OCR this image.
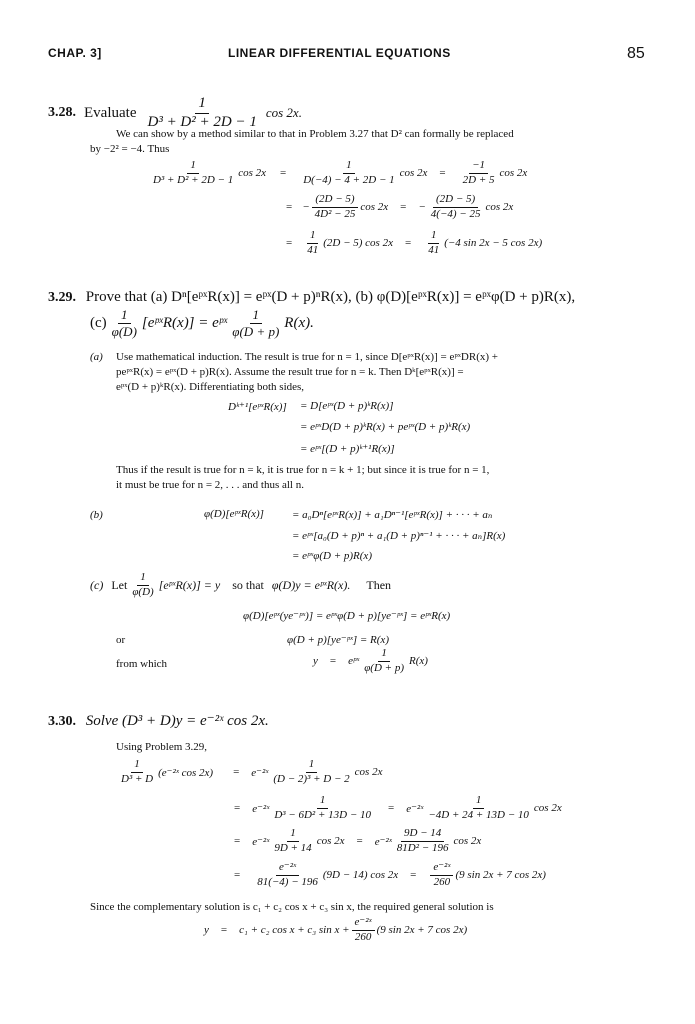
CHAP. 3]	LINEAR DIFFERENTIAL EQUATIONS	85
3.28. Evaluate $\frac{1}{\text{D³ + D² + 2D − 1}}$ cos 2x.
We can show by a method similar to that in Problem 3.27 that D² can formally be replaced
by −2² = −4. Thus
$\frac{1}{\text{D³ + D² + 2D − 1}}$ $\cos 2x = \frac{1}{D(-4) - 4 + 2D - 1}$ $\cos 2x = \frac{-1}{2D + 5}$ cos 2x
= − $\frac{(2D - 5)}{\text{4D² − 25}}$ cos 2x = − $\frac{(2D - 5)}{4(-4) - 25}$ cos 2x
= $\frac{1}{41} (2D - 5)$ $\cos 2x = \frac{1}{41} (-4$ sin 2x − 5 cos 2x)
3.29. Prove that (a) Dⁿ[eᵖˣR(x)] = eᵖˣ(D + p)ⁿR(x), (b) φ(D)[eᵖˣR(x)] = eᵖˣφ(D + p)R(x),
$(c) \frac{1}{\varphi(D)}$ [eᵖˣR(x)] = eᵖˣ $\frac{1}{\varphi(D + p)} R(x)$.
(a) Use mathematical induction. The result is true for n = 1, since D[eᵖˣR(x)] = eᵖˣDR(x) +
peᵖˣR(x) = eᵖˣ(D + p)R(x). Assume the result true for n = k. Then Dᵏ[eᵖˣR(x)] =
eᵖˣ(D + p)ᵏR(x). Differentiating both sides,
Dᵏ⁺¹[eᵖˣR(x)] = D[eᵖˣ(D + p)ᵏR(x)]
= eᵖˣD(D + p)ᵏR(x) + peᵖˣ(D + p)ᵏR(x)
= eᵖˣ[(D + p)ᵏ⁺¹R(x)]
Thus if the result is true for n = k, it is true for n = k + 1; but since it is true for n = 1,
it must be true for n = 2, . . . and thus all n.
(b)	φ(D)[eᵖˣR(x)]	= a₀Dⁿ[eᵖˣR(x)] + a₁Dⁿ⁻¹[eᵖˣR(x)] + · · · + aₙ
= eᵖˣ[a₀(D + p)ⁿ + a₁(D + p)ⁿ⁻¹ + · · · + aₙ]R(x)
= eᵖˣφ(D + p)R(x)
(c) Let $\frac{1}{\varphi(D)}$ [eᵖˣR(x)] = y so that φ(D)y = eᵖˣR(x). Then
φ(D)[eᵖˣ(ye⁻ᵖˣ)] = eᵖˣφ(D + p)[ye⁻ᵖˣ] = eᵖˣR(x)
or	φ(D + p)[ye⁻ᵖˣ] = R(x)
from which	y = eᵖˣ $\frac{1}{\varphi(D + p)} R(x)$
3.30. Solve (D³ + D)y = e⁻²ˣ cos 2x.
Using Problem 3.29,
$\frac{1}{\text{D³ + D}}$ (e⁻²ˣ cos 2x) = e⁻²ˣ $\frac{1}{\text{(D − 2)³ + D − 2}}$ cos 2x
= e⁻²ˣ $\frac{1}{\text{D³ − 6D² + 13D − 10}}$ = e⁻²ˣ $\frac{1}{-4D + 24 + 13D - 10}$ cos 2x
= e⁻²ˣ $\frac{1}{9D + 14}$ cos 2x = e⁻²ˣ $\frac{9D - 14}{\text{81D² − 196}}$ cos 2x
= $\frac{\text{e⁻²ˣ}}{81(-4) - 196} (9D - 14)$ $\cos 2x = \frac{\text{e⁻²ˣ}}{260} (9$ sin 2x + 7 cos 2x)
Since the complementary solution is c₁ + c₂ cos x + c₃ sin x, the required general solution is
y = c₁ + c₂ cos x + c₃ $\sin x + \frac{\text{e⁻²ˣ}}{260} (9$ sin 2x + 7 cos 2x)
